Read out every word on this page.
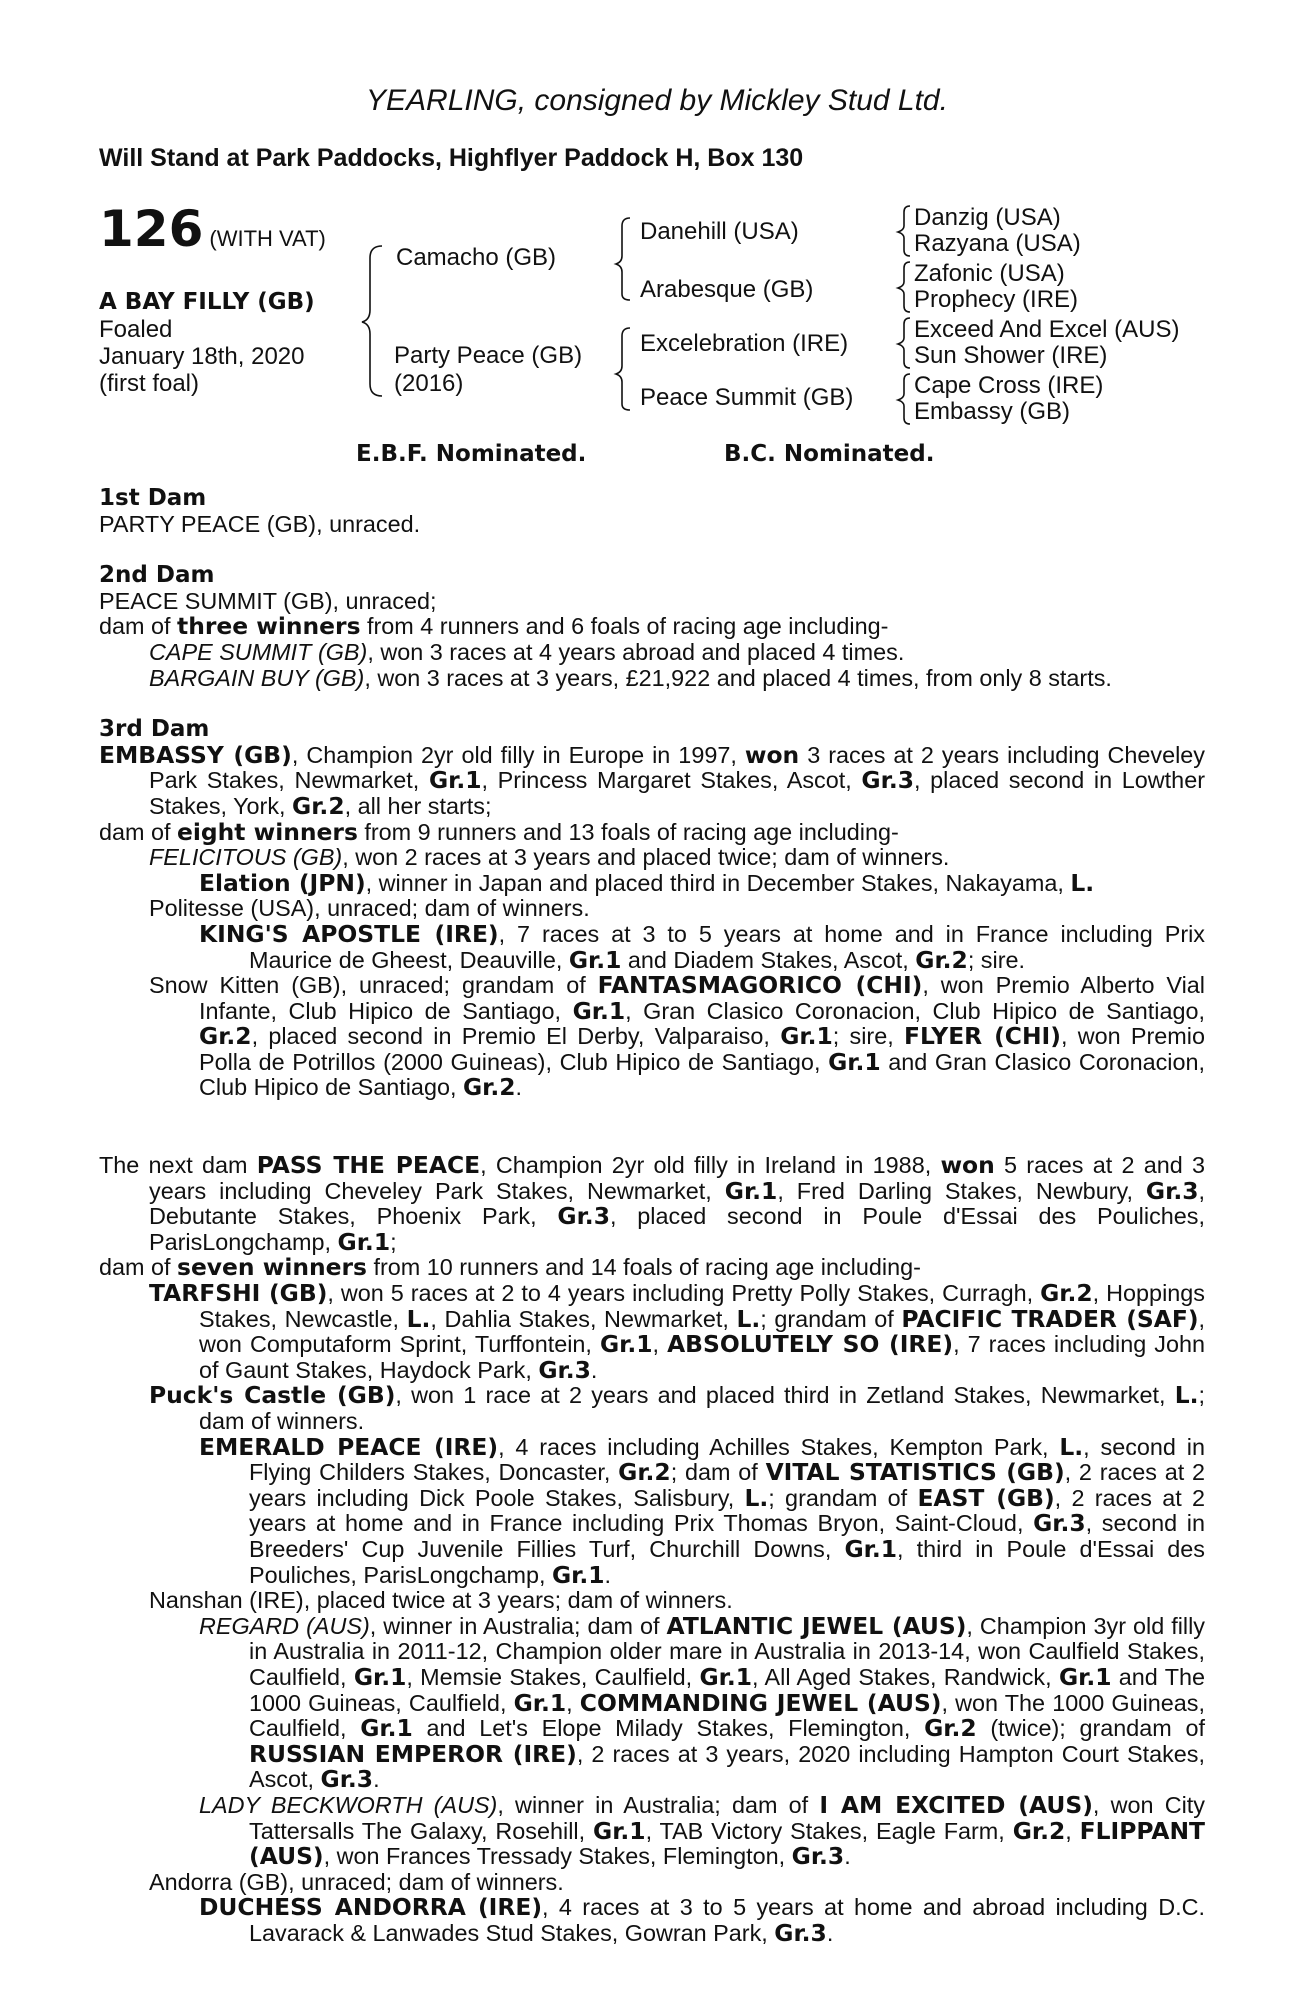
YEARLING, consigned by Mickley Stud Ltd.
Will Stand at Park Paddocks, Highflyer Paddock H, Box 130
126 (WITH VAT)
A BAY FILLY (GB)
Foaled
January 18th, 2020
(first foal)
Camacho (GB)
Party Peace (GB)
(2016)
Danehill (USA)
Arabesque (GB)
Excelebration (IRE)
Peace Summit (GB)
Danzig (USA)
Razyana (USA)
Zafonic (USA)
Prophecy (IRE)
Exceed And Excel (AUS)
Sun Shower (IRE)
Cape Cross (IRE)
Embassy (GB)
E.B.F. Nominated.	B.C. Nominated.
1st Dam
PARTY PEACE (GB), unraced.
2nd Dam
PEACE SUMMIT (GB), unraced;
dam of three winners from 4 runners and 6 foals of racing age including-
CAPE SUMMIT (GB), won 3 races at 4 years abroad and placed 4 times.
BARGAIN BUY (GB), won 3 races at 3 years, £21,922 and placed 4 times, from only 8 starts.
3rd Dam
EMBASSY (GB), Champion 2yr old filly in Europe in 1997, won 3 races at 2 years including Cheveley Park Stakes, Newmarket, Gr.1, Princess Margaret Stakes, Ascot, Gr.3, placed second in Lowther Stakes, York, Gr.2, all her starts;
dam of eight winners from 9 runners and 13 foals of racing age including-
FELICITOUS (GB), won 2 races at 3 years and placed twice; dam of winners.
Elation (JPN), winner in Japan and placed third in December Stakes, Nakayama, L.
Politesse (USA), unraced; dam of winners.
KING'S APOSTLE (IRE), 7 races at 3 to 5 years at home and in France including Prix Maurice de Gheest, Deauville, Gr.1 and Diadem Stakes, Ascot, Gr.2; sire.
Snow Kitten (GB), unraced; grandam of FANTASMAGORICO (CHI), won Premio Alberto Vial Infante, Club Hipico de Santiago, Gr.1, Gran Clasico Coronacion, Club Hipico de Santiago, Gr.2, placed second in Premio El Derby, Valparaiso, Gr.1; sire, FLYER (CHI), won Premio Polla de Potrillos (2000 Guineas), Club Hipico de Santiago, Gr.1 and Gran Clasico Coronacion, Club Hipico de Santiago, Gr.2.
The next dam PASS THE PEACE, Champion 2yr old filly in Ireland in 1988, won 5 races at 2 and 3 years including Cheveley Park Stakes, Newmarket, Gr.1, Fred Darling Stakes, Newbury, Gr.3, Debutante Stakes, Phoenix Park, Gr.3, placed second in Poule d'Essai des Pouliches, ParisLongchamp, Gr.1;
dam of seven winners from 10 runners and 14 foals of racing age including-
TARFSHI (GB), won 5 races at 2 to 4 years including Pretty Polly Stakes, Curragh, Gr.2, Hoppings Stakes, Newcastle, L., Dahlia Stakes, Newmarket, L.; grandam of PACIFIC TRADER (SAF), won Computaform Sprint, Turffontein, Gr.1, ABSOLUTELY SO (IRE), 7 races including John of Gaunt Stakes, Haydock Park, Gr.3.
Puck's Castle (GB), won 1 race at 2 years and placed third in Zetland Stakes, Newmarket, L.; dam of winners.
EMERALD PEACE (IRE), 4 races including Achilles Stakes, Kempton Park, L., second in Flying Childers Stakes, Doncaster, Gr.2; dam of VITAL STATISTICS (GB), 2 races at 2 years including Dick Poole Stakes, Salisbury, L.; grandam of EAST (GB), 2 races at 2 years at home and in France including Prix Thomas Bryon, Saint-Cloud, Gr.3, second in Breeders' Cup Juvenile Fillies Turf, Churchill Downs, Gr.1, third in Poule d'Essai des Pouliches, ParisLongchamp, Gr.1.
Nanshan (IRE), placed twice at 3 years; dam of winners.
REGARD (AUS), winner in Australia; dam of ATLANTIC JEWEL (AUS), Champion 3yr old filly in Australia in 2011-12, Champion older mare in Australia in 2013-14, won Caulfield Stakes, Caulfield, Gr.1, Memsie Stakes, Caulfield, Gr.1, All Aged Stakes, Randwick, Gr.1 and The 1000 Guineas, Caulfield, Gr.1, COMMANDING JEWEL (AUS), won The 1000 Guineas, Caulfield, Gr.1 and Let's Elope Milady Stakes, Flemington, Gr.2 (twice); grandam of RUSSIAN EMPEROR (IRE), 2 races at 3 years, 2020 including Hampton Court Stakes, Ascot, Gr.3.
LADY BECKWORTH (AUS), winner in Australia; dam of I AM EXCITED (AUS), won City Tattersalls The Galaxy, Rosehill, Gr.1, TAB Victory Stakes, Eagle Farm, Gr.2, FLIPPANT (AUS), won Frances Tressady Stakes, Flemington, Gr.3.
Andorra (GB), unraced; dam of winners.
DUCHESS ANDORRA (IRE), 4 races at 3 to 5 years at home and abroad including D.C. Lavarack & Lanwades Stud Stakes, Gowran Park, Gr.3.
